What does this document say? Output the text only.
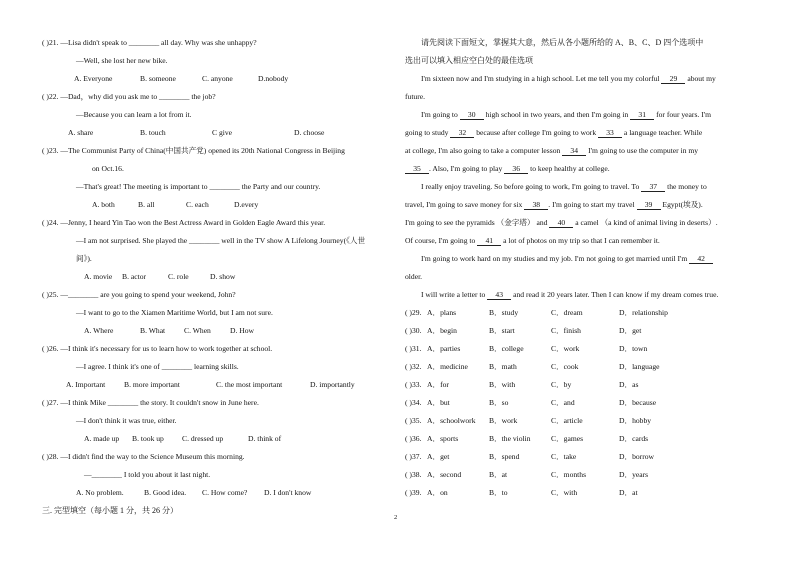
( )21. —Lisa didn't speak to ________ all day. Why was she unhappy?
—Well, she lost her new bike.
A. Everyone	B. someone	C. anyone	D.nobody
( )22. —Dad，why did you ask me to ________ the job?
—Because you can learn a lot from it.
A. share	B. touch	C give	D. choose
( )23. —The Communist Party of China(中国共产党) opened its 20th National Congress in Beijing
on Oct.16.
—That's great! The meeting is important to ________ the Party and our country.
A. both	B. all	C. each	D.every
( )24. —Jenny, I heard Yin Tao won the Best Actress Award in Golden Eagle Award this year.
—I am not surprised. She played the ________ well in the TV show A Lifelong Journey(《人世
间》).
A. movie B. actor	C. role	D. show
( )25. —________ are you going to spend your weekend, John?
—I want to go to the Xiamen Maritime World, but I am not sure.
A. Where	B. What C. When	D. How
( )26. —I think it's necessary for us to learn how to work together at school.
—I agree. I think it's one of ________ learning skills.
A. Important B. more important	C. the most important	D. importantly
( )27. —I think Mike ________ the story. It couldn't snow in June here.
—I don't think it was true, either.
A. made up B. took up C. dressed up	D. think of
( )28. —I didn't find the way to the Science Museum this morning.
—________ I told you about it last night.
A. No problem.	B. Good idea. C. How come? D. I don't know
三. 完型填空（每小题 1 分，共 26 分）
请先阅读下面短文，掌握其大意，然后从各小题所给的 A、B、C、D 四个选项中
选出可以填入相应空白处的最佳选项
I'm sixteen now and I'm studying in a high school. Let me tell you my colorful 29 about my
future.
I'm going to 30 high school in two years, and then I'm going in 31 for four years. I'm
going to study 32 because after college I'm going to work 33 a language teacher. While
at college, I'm also going to take a computer lesson 34 I'm going to use the computer in my
35 . Also, I'm going to play 36 to keep healthy at college.
I really enjoy traveling. So before going to work, I'm going to travel. To 37 the money to
travel, I'm going to save money for six 38 . I'm going to start my travel 39 Egypt(埃及).
I'm going to see the pyramids （金字塔） and 40 a camel （a kind of animal living in deserts）.
Of course, I'm going to 41 a lot of photos on my trip so that I can remember it.
I'm going to work hard on my studies and my job. I'm not going to get married until I'm 42
older.
I will write a letter to 43 and read it 20 years later. Then I can know if my dream comes true.
( )29. A．plans	B．study	C．dream	D．relationship
( )30. A．begin	B．start	C．finish	D．get
( )31. A．parties	B．college	C．work	D．town
( )32. A．medicine	B．math	C．cook	D．language
( )33. A．for	B．with	C．by	D．as
( )34. A．but	B．so	C．and	D．because
( )35. A．schoolwork B．work	C．article	D．hobby
( )36. A．sports	B．the violin	C．games	D．cards
( )37. A．get	B．spend	C．take	D．borrow
( )38. A．second	B．at	C．months	D．years
( )39. A．on	B．to	C．with	D．at
2
